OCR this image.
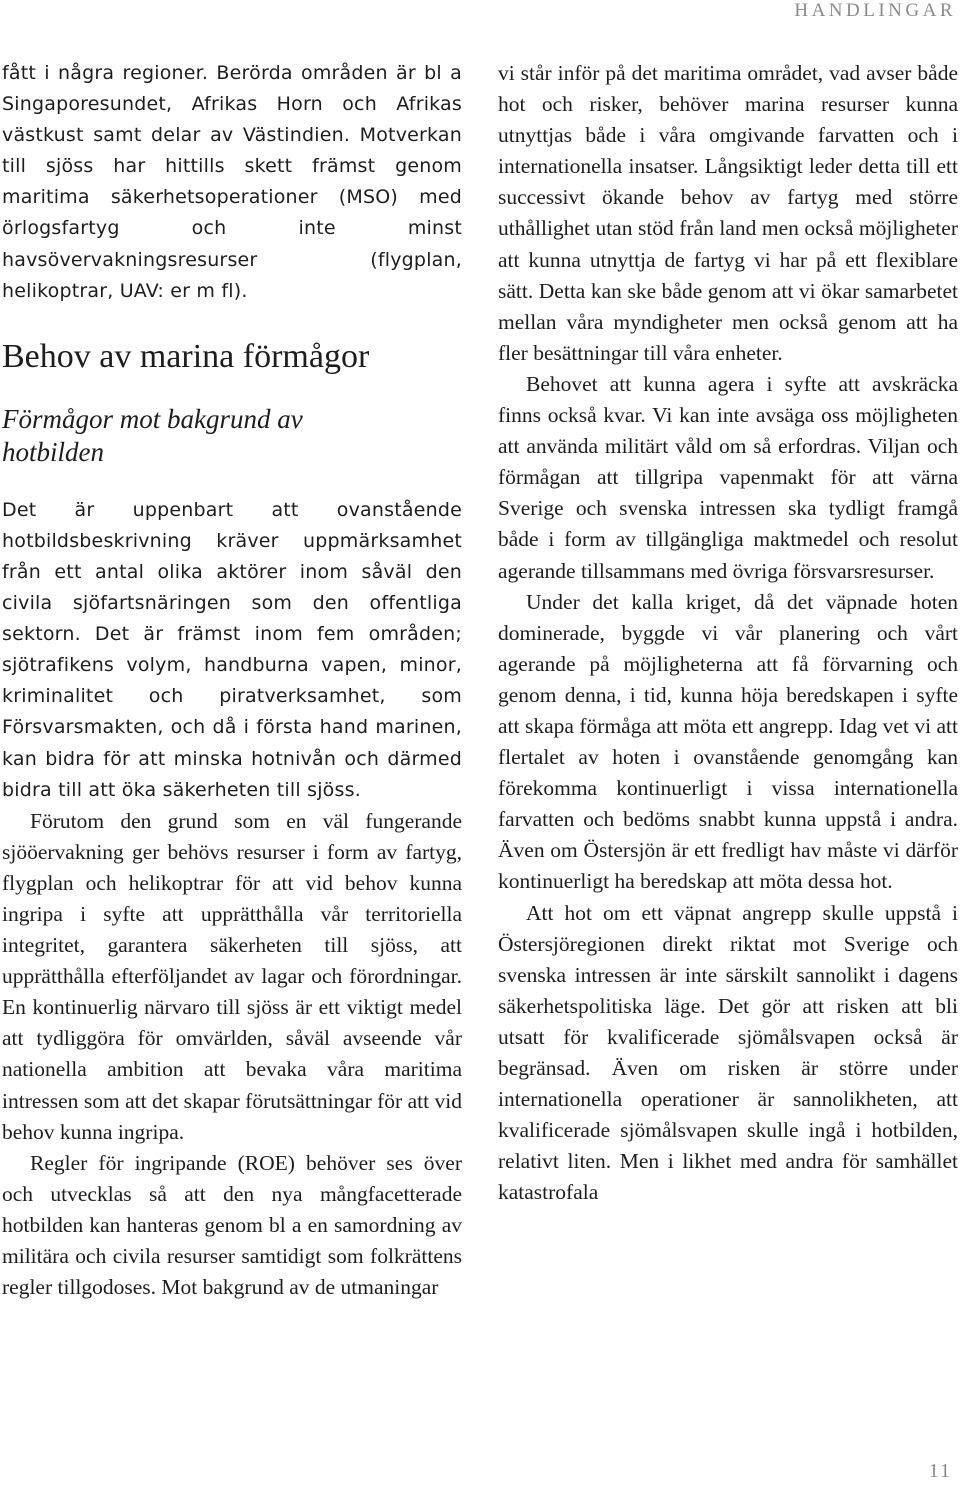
HANDLINGAR

fått i några regioner. Berörda områden är bl a Singaporesundet, Afrikas Horn och Afrikas västkust samt delar av Västindien. Motverkan till sjöss har hittills skett främst genom maritima säkerhetsoperationer (MSO) med örlogsfartyg och inte minst havsövervakningsresurser (flygplan, helikoptrar, UAV: er m fl).

Behov av marina förmågor
Förmågor mot bakgrund av hotbilden

Det är uppenbart att ovanstående hotbildsbeskrivning kräver uppmärksamhet från ett antal olika aktörer inom såväl den civila sjöfartsnäringen som den offentliga sektorn. Det är främst inom fem områden; sjötrafikens volym, handburna vapen, minor, kriminalitet och piratverksamhet, som Försvarsmakten, och då i första hand marinen, kan bidra för att minska hotnivån och därmed bidra till att öka säkerheten till sjöss.

Förutom den grund som en väl fungerande sjööervakning ger behövs resurser i form av fartyg, flygplan och helikoptrar för att vid behov kunna ingripa i syfte att upprätthålla vår territoriella integritet, garantera säkerheten till sjöss, att upprätthålla efterföljandet av lagar och förordningar. En kontinuerlig närvaro till sjöss är ett viktigt medel att tydliggöra för omvärlden, såväl avseende vår nationella ambition att bevaka våra maritima intressen som att det skapar förutsättningar för att vid behov kunna ingripa.

Regler för ingripande (ROE) behöver ses över och utvecklas så att den nya mångfacetterade hotbilden kan hanteras genom bl a en samordning av militära och civila resurser samtidigt som folkrättens regler tillgodoses. Mot bakgrund av de utmaningar

vi står inför på det maritima området, vad avser både hot och risker, behöver marina resurser kunna utnyttjas både i våra omgivande farvatten och i internationella insatser. Långsiktigt leder detta till ett successivt ökande behov av fartyg med större uthållighet utan stöd från land men också möjligheter att kunna utnyttja de fartyg vi har på ett flexiblare sätt. Detta kan ske både genom att vi ökar samarbetet mellan våra myndigheter men också genom att ha fler besättningar till våra enheter.

Behovet att kunna agera i syfte att avskräcka finns också kvar. Vi kan inte avsäga oss möjligheten att använda militärt våld om så erfordras. Viljan och förmågan att tillgripa vapenmakt för att värna Sverige och svenska intressen ska tydligt framgå både i form av tillgängliga maktmedel och resolut agerande tillsammans med övriga försvarsresurser.

Under det kalla kriget, då det väpnade hoten dominerade, byggde vi vår planering och vårt agerande på möjligheterna att få förvarning och genom denna, i tid, kunna höja beredskapen i syfte att skapa förmåga att möta ett angrepp. Idag vet vi att flertalet av hoten i ovanstående genomgång kan förekomma kontinuerligt i vissa internationella farvatten och bedöms snabbt kunna uppstå i andra. Även om Östersjön är ett fredligt hav måste vi därför kontinuerligt ha beredskap att möta dessa hot.

Att hot om ett väpnat angrepp skulle uppstå i Östersjöregionen direkt riktat mot Sverige och svenska intressen är inte särskilt sannolikt i dagens säkerhetspolitiska läge. Det gör att risken att bli utsatt för kvalificerade sjömålsvapen också är begränsad. Även om risken är större under internationella operationer är sannolikheten, att kvalificerade sjömålsvapen skulle ingå i hotbilden, relativt liten. Men i likhet med andra för samhället katastrofala

11
